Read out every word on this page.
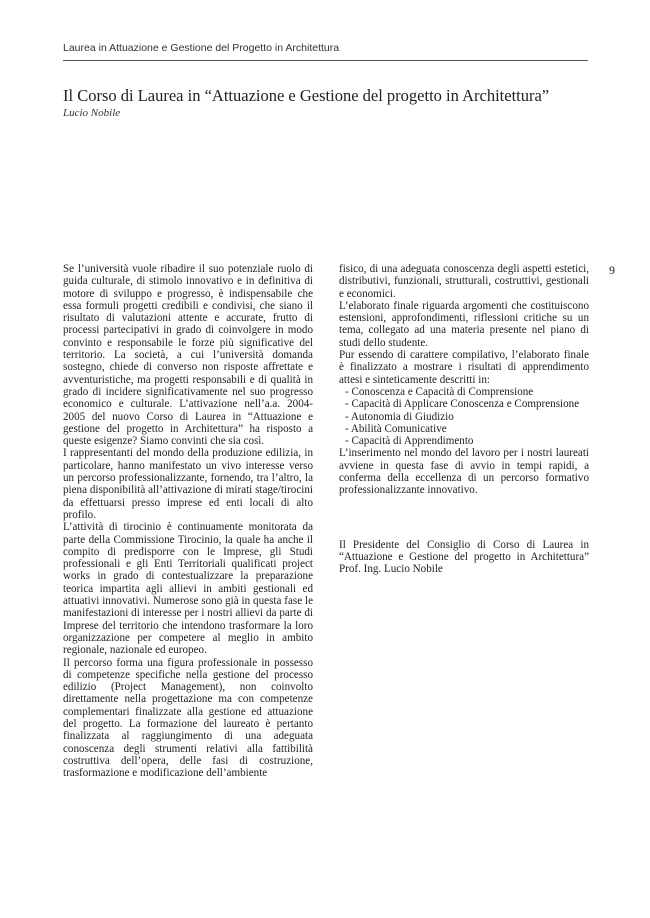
Laurea in Attuazione e Gestione del Progetto in Architettura
Il Corso di Laurea in “Attuazione e Gestione del progetto in Architettura”
Lucio Nobile

Se l’università vuole ribadire il suo potenziale ruolo di guida culturale, di stimolo innovativo e in definitiva di motore di sviluppo e progresso, è indispensabile che essa formuli progetti credibili e condivisi, che siano il risultato di valutazioni attente e accurate, frutto di processi partecipativi in grado di coinvolgere in modo convinto e responsabile le forze più significative del territorio. La società, a cui l’università domanda sostegno, chiede di converso non risposte affrettate e avventuristiche, ma progetti responsabili e di qualità in grado di incidere significativamente nel suo progresso economico e culturale. L’attivazione nell’a.a. 2004-2005 del nuovo Corso di Laurea in “Attuazione e gestione del progetto in Architettura” ha risposto a queste esigenze? Siamo convinti che sia così.

I rappresentanti del mondo della produzione edilizia, in particolare, hanno manifestato un vivo interesse verso un percorso professionalizzante, fornendo, tra l’altro, la piena disponibilità all’attivazione di mirati stage/tirocini da effettuarsi presso imprese ed enti locali di alto profilo.

L’attività di tirocinio è continuamente monitorata da parte della Commissione Tirocinio, la quale ha anche il compito di predisporre con le Imprese, gli Studi professionali e gli Enti Territoriali qualificati project works in grado di contestualizzare la preparazione teorica impartita agli allievi in ambiti gestionali ed attuativi innovativi. Numerose sono già in questa fase le manifestazioni di interesse per i nostri allievi da parte di Imprese del territorio che intendono trasformare la loro organizzazione per competere al meglio in ambito regionale, nazionale ed europeo.

Il percorso forma una figura professionale in possesso di competenze specifiche nella gestione del processo edilizio (Project Management), non coinvolto direttamente nella progettazione ma con competenze complementari finalizzate alla gestione ed attuazione del progetto. La formazione del laureato è pertanto finalizzata al raggiungimento di una adeguata conoscenza degli strumenti relativi alla fattibilità costruttiva dell’opera, delle fasi di costruzione, trasformazione e modificazione dell’ambiente

fisico, di una adeguata conoscenza degli aspetti estetici, distributivi, funzionali, strutturali, costruttivi, gestionali e economici.

L’elaborato finale riguarda argomenti che costituiscono estensioni, approfondimenti, riflessioni critiche su un tema, collegato ad una materia presente nel piano di studi dello studente.

Pur essendo di carattere compilativo, l’elaborato finale è finalizzato a mostrare i risultati di apprendimento attesi e sinteticamente descritti in:

- Conoscenza e Capacità di Comprensione
- Capacità di Applicare Conoscenza e Comprensione
- Autonomia di Giudizio
- Abilità Comunicative
- Capacità di Apprendimento

L’inserimento nel mondo del lavoro per i nostri laureati avviene in questa fase di avvio in tempi rapidi, a conferma della eccellenza di un percorso formativo professionalizzante innovativo.

Il Presidente del Consiglio di Corso di Laurea in “Attuazione e Gestione del progetto in Architettura” Prof. Ing. Lucio Nobile

9
